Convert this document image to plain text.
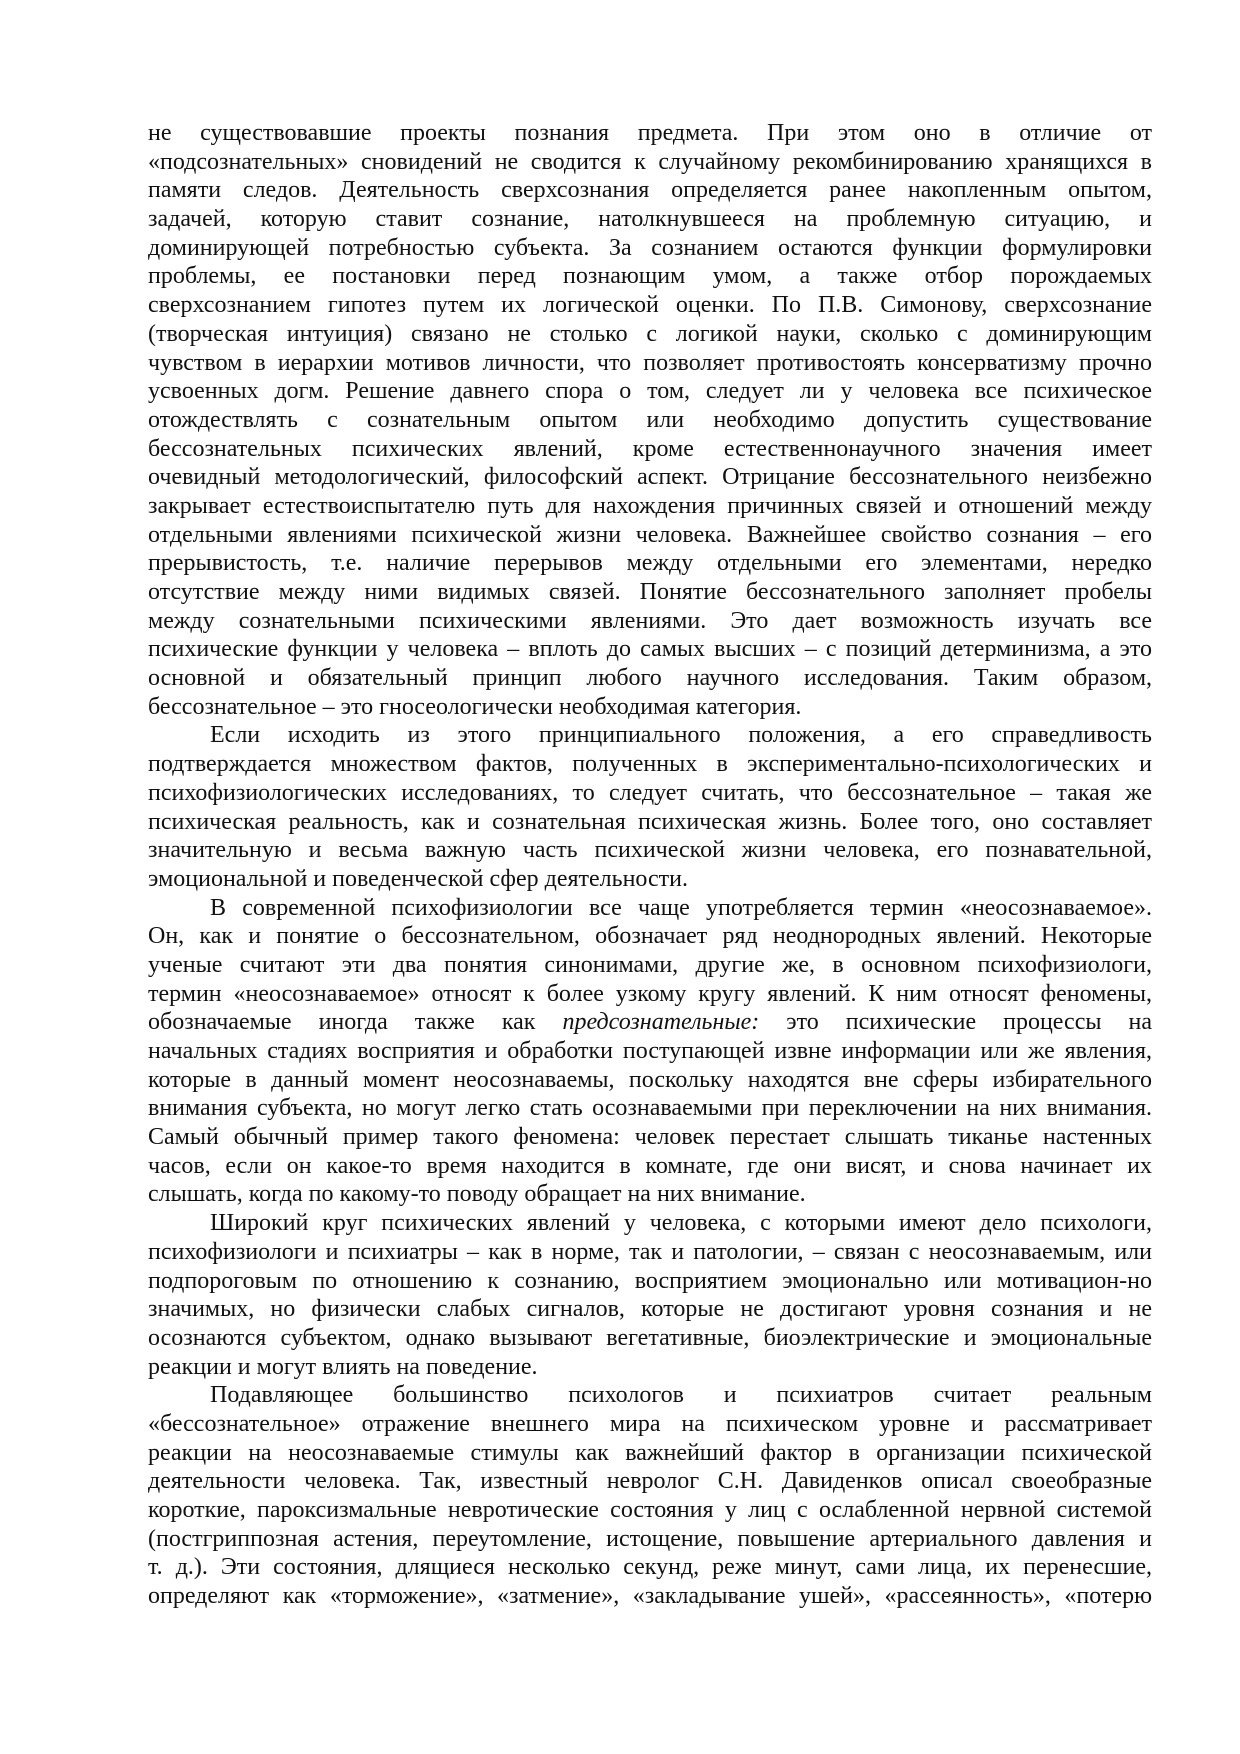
не существовавшие проекты познания предмета. При этом оно в отличие от
«подсознательных» сновидений не сводится к случайному рекомбинированию хранящихся в
памяти следов. Деятельность сверхсознания определяется ранее накопленным опытом,
задачей, которую ставит сознание, натолкнувшееся на проблемную ситуацию, и
доминирующей потребностью субъекта. За сознанием остаются функции формулировки
проблемы, ее постановки перед познающим умом, а также отбор порождаемых
сверхсознанием гипотез путем их логической оценки. По П.В. Симонову, сверхсознание
(творческая интуиция) связано не столько с логикой науки, сколько с доминирующим
чувством в иерархии мотивов личности, что позволяет противостоять консерватизму прочно
усвоенных догм. Решение давнего спора о том, следует ли у человека все психическое
отождествлять с сознательным опытом или необходимо допустить существование
бессознательных психических явлений, кроме естественнонаучного значения имеет
очевидный методологический, философский аспект. Отрицание бессознательного неизбежно
закрывает естествоиспытателю путь для нахождения причинных связей и отношений между
отдельными явлениями психической жизни человека. Важнейшее свойство сознания – его
прерывистость, т.е. наличие перерывов между отдельными его элементами, нередко
отсутствие между ними видимых связей. Понятие бессознательного заполняет пробелы
между сознательными психическими явлениями. Это дает возможность изучать все
психические функции у человека – вплоть до самых высших – с позиций детерминизма, а это
основной и обязательный принцип любого научного исследования. Таким образом,
бессознательное – это гносеологически необходимая категория.
Если исходить из этого принципиального положения, а его справедливость
подтверждается множеством фактов, полученных в экспериментально-психологических и
психофизиологических исследованиях, то следует считать, что бессознательное – такая же
психическая реальность, как и сознательная психическая жизнь. Более того, оно составляет
значительную и весьма важную часть психической жизни человека, его познавательной,
эмоциональной и поведенческой сфер деятельности.
В современной психофизиологии все чаще употребляется термин «неосознаваемое».
Он, как и понятие о бессознательном, обозначает ряд неоднородных явлений. Некоторые
ученые считают эти два понятия синонимами, другие же, в основном психофизиологи,
термин «неосознаваемое» относят к более узкому кругу явлений. К ним относят феномены,
обозначаемые иногда также как предсознательные: это психические процессы на
начальных стадиях восприятия и обработки поступающей извне информации или же явления,
которые в данный момент неосознаваемы, поскольку находятся вне сферы избирательного
внимания субъекта, но могут легко стать осознаваемыми при переключении на них внимания.
Самый обычный пример такого феномена: человек перестает слышать тиканье настенных
часов, если он какое-то время находится в комнате, где они висят, и снова начинает их
слышать, когда по какому-то поводу обращает на них внимание.
Широкий круг психических явлений у человека, с которыми имеют дело психологи,
психофизиологи и психиатры – как в норме, так и патологии, – связан с неосознаваемым, или
подпороговым по отношению к сознанию, восприятием эмоционально или мотивацион-но
значимых, но физически слабых сигналов, которые не достигают уровня сознания и не
осознаются субъектом, однако вызывают вегетативные, биоэлектрические и эмоциональные
реакции и могут влиять на поведение.
Подавляющее большинство психологов и психиатров считает реальным
«бессознательное» отражение внешнего мира на психическом уровне и рассматривает
реакции на неосознаваемые стимулы как важнейший фактор в организации психической
деятельности человека. Так, известный невролог С.Н. Давиденков описал своеобразные
короткие, пароксизмальные невротические состояния у лиц с ослабленной нервной системой
(постгриппозная астения, переутомление, истощение, повышение артериального давления и
т. д.). Эти состояния, длящиеся несколько секунд, реже минут, сами лица, их перенесшие,
определяют как «торможение», «затмение», «закладывание ушей», «рассеянность», «потерю
